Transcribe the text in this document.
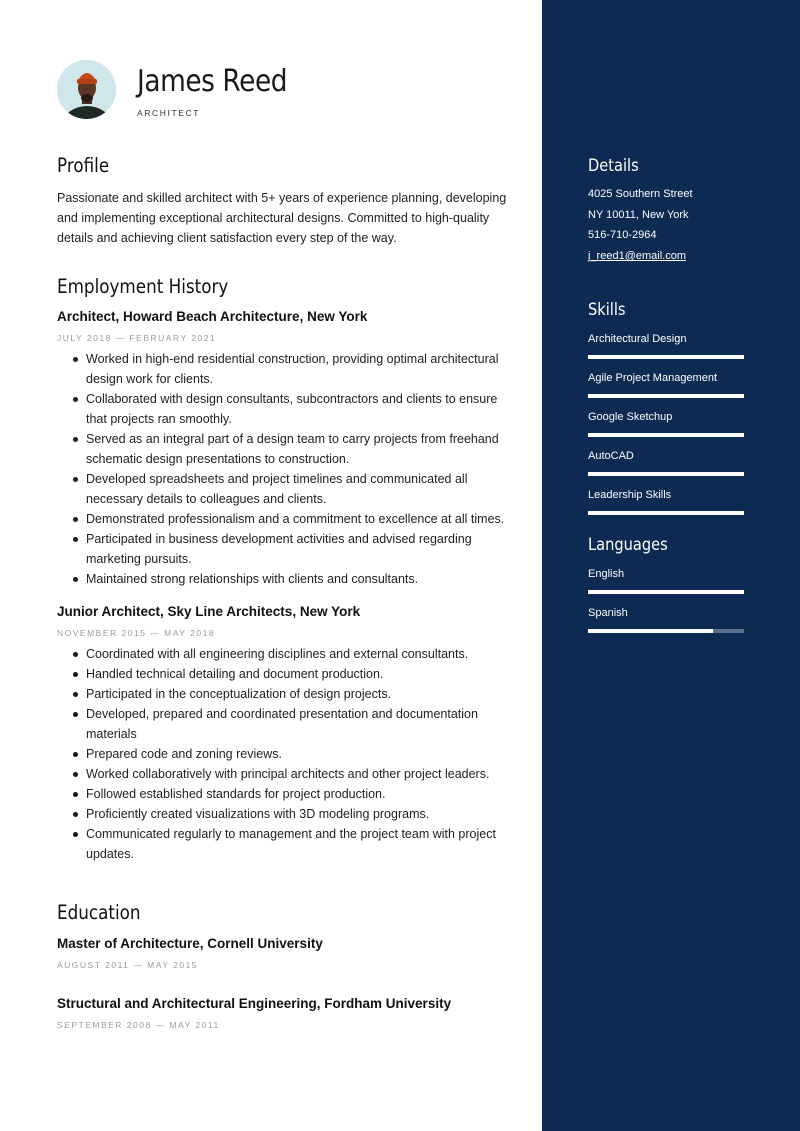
James Reed
ARCHITECT
Profile

Passionate and skilled architect with 5+ years of experience planning, developing and implementing exceptional architectural designs. Committed to high-quality details and achieving client satisfaction every step of the way.

Employment History
Architect, Howard Beach Architecture, New York
JULY 2018 — FEBRUARY 2021
Worked in high-end residential construction, providing optimal architectural design work for clients.
Collaborated with design consultants, subcontractors and clients to ensure that projects ran smoothly.
Served as an integral part of a design team to carry projects from freehand schematic design presentations to construction.
Developed spreadsheets and project timelines and communicated all necessary details to colleagues and clients.
Demonstrated professionalism and a commitment to excellence at all times.
Participated in business development activities and advised regarding marketing pursuits.
Maintained strong relationships with clients and consultants.
Junior Architect, Sky Line Architects, New York
NOVEMBER 2015 — MAY 2018
Coordinated with all engineering disciplines and external consultants.
Handled technical detailing and document production.
Participated in the conceptualization of design projects.
Developed, prepared and coordinated presentation and documentation materials
Prepared code and zoning reviews.
Worked collaboratively with principal architects and other project leaders.
Followed established standards for project production.
Proficiently created visualizations with 3D modeling programs.
Communicated regularly to management and the project team with project updates.
Education
Master of Architecture, Cornell University
AUGUST 2011 — MAY 2015
Structural and Architectural Engineering, Fordham University
SEPTEMBER 2008 — MAY 2011
Details
4025 Southern Street
NY 10011, New York
516-710-2964
j_reed1@email.com
Skills
Architectural Design
Agile Project Management
Google Sketchup
AutoCAD
Leadership Skills
Languages
English
Spanish
